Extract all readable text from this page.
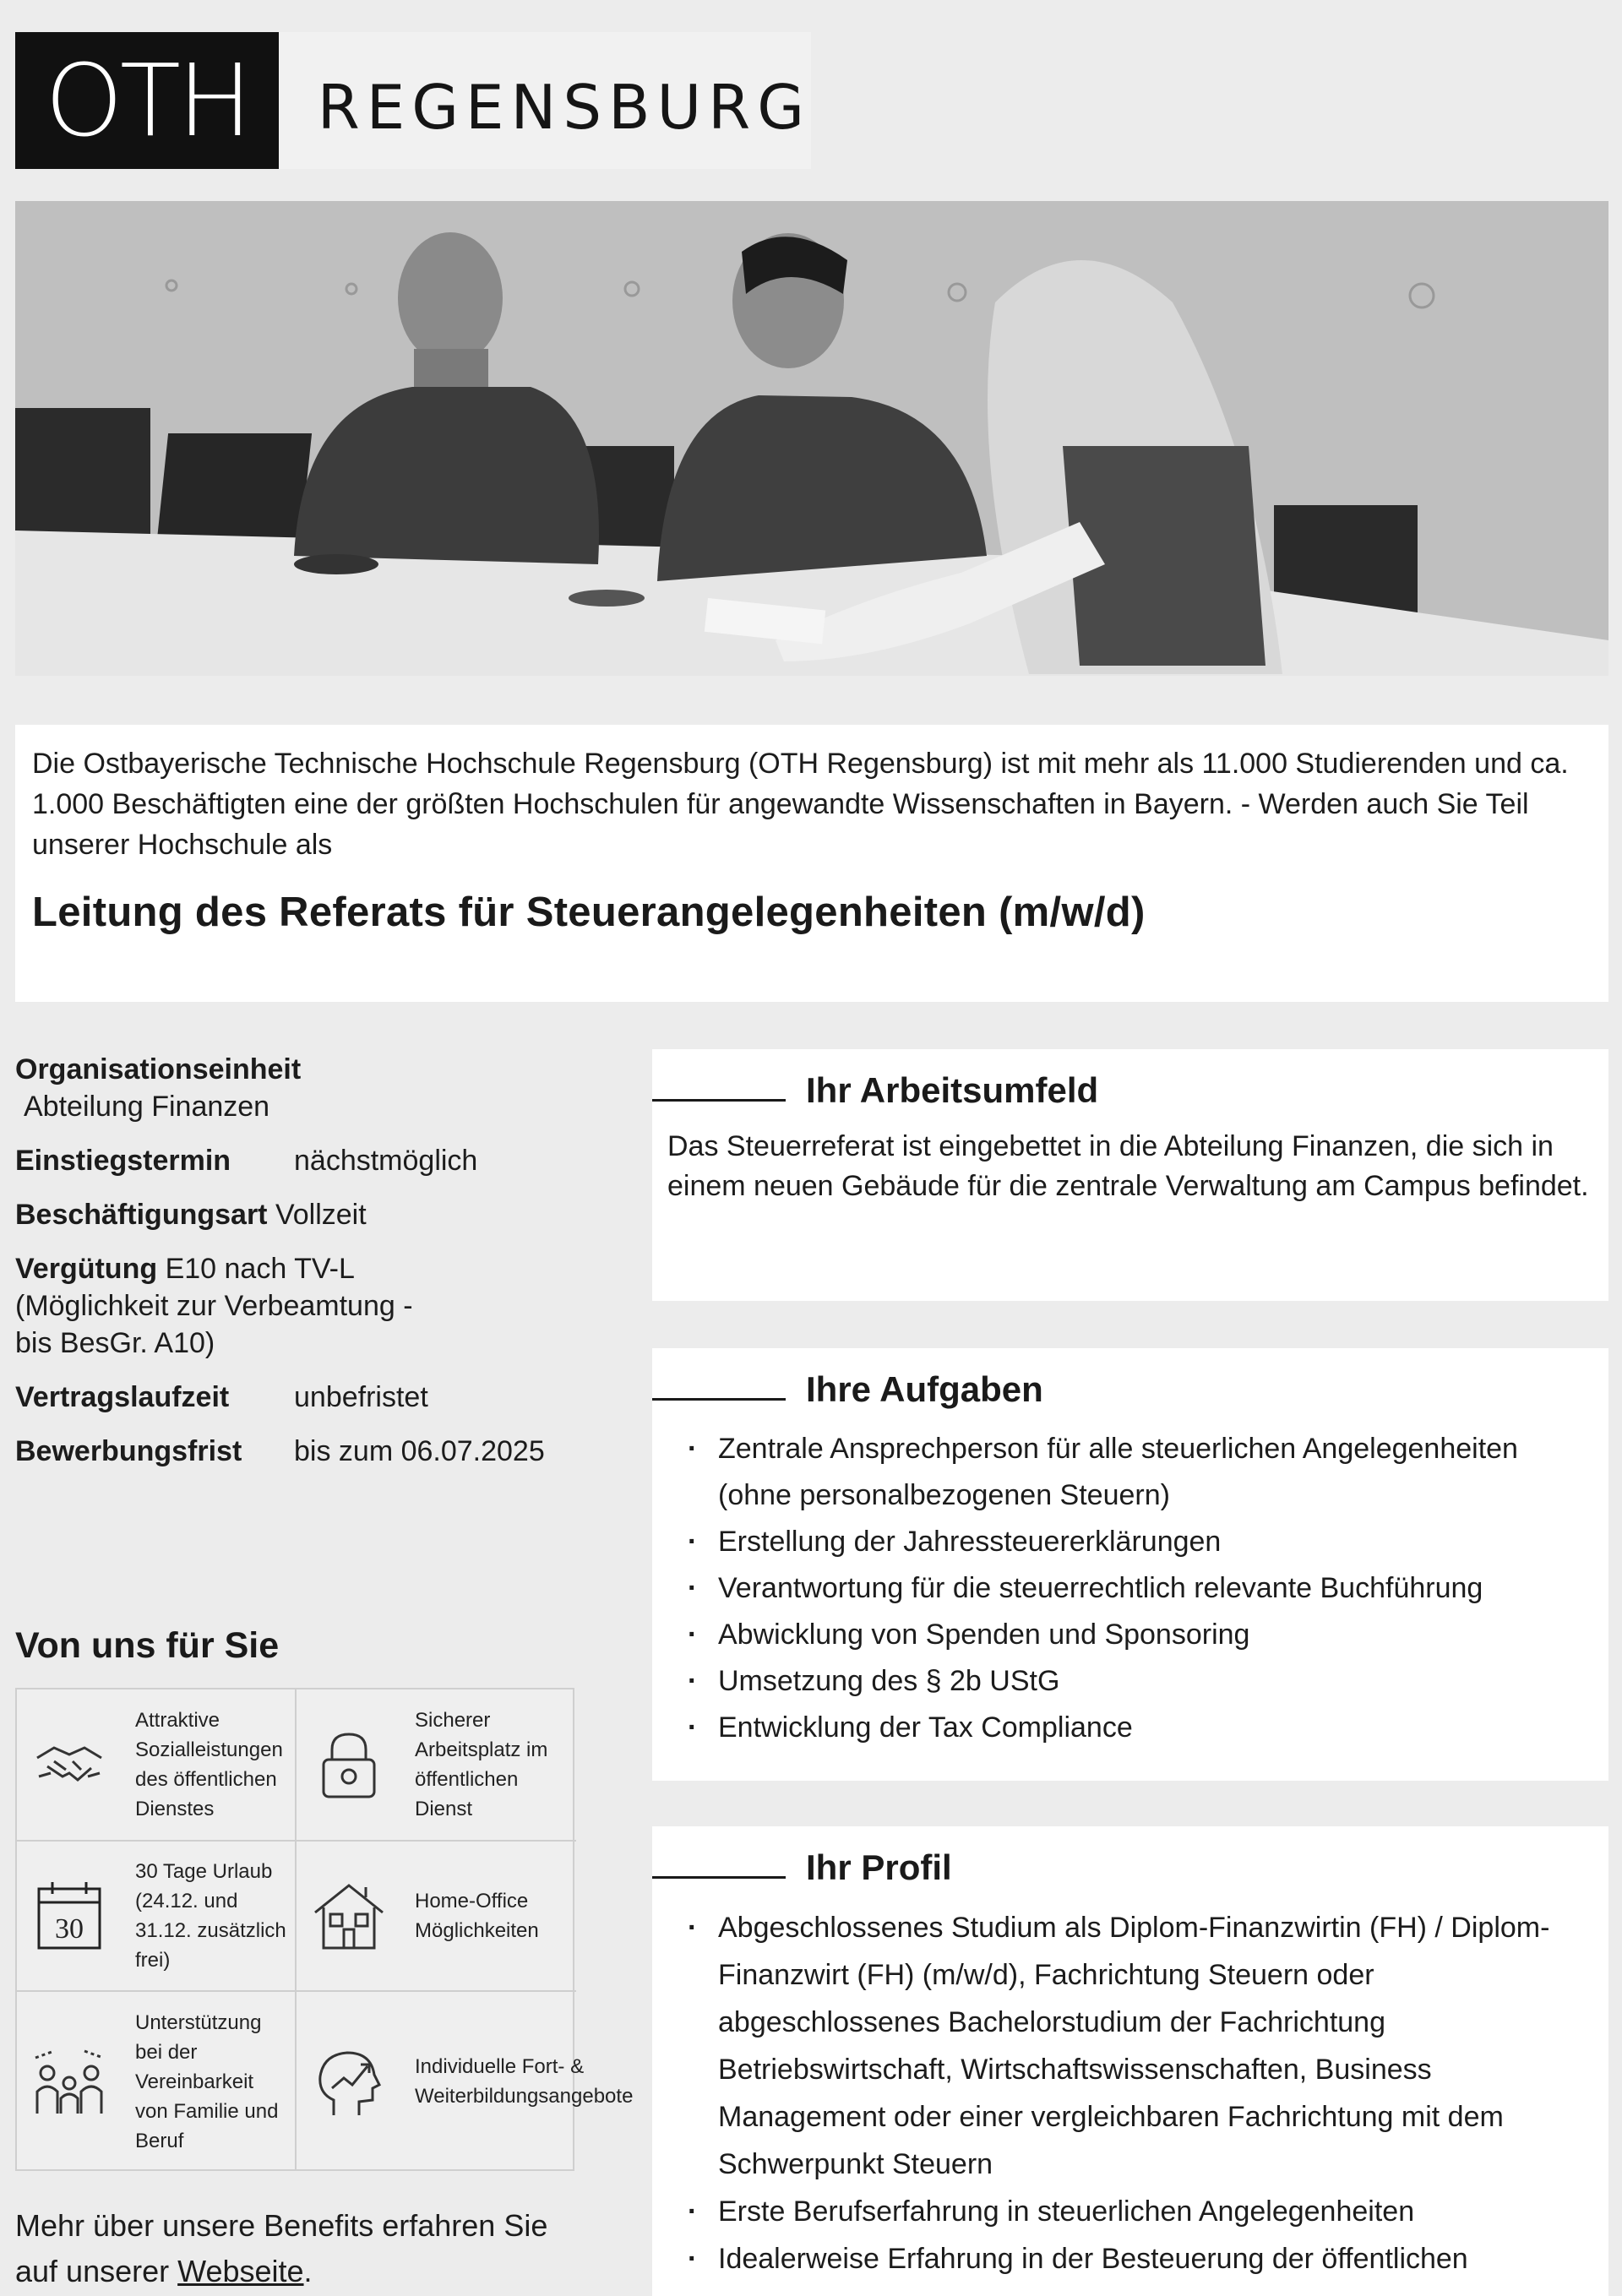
OTH	REGENSBURG

Die Ostbayerische Technische Hochschule Regensburg (OTH Regensburg) ist mit mehr als 11.000 Studierenden und ca. 1.000 Beschäftigten eine der größten Hochschulen für angewandte Wissenschaften in Bayern. - Werden auch Sie Teil unserer Hochschule als

Leitung des Referats für Steuerangelegenheiten (m/w/d)
Organisationseinheit
Abteilung Finanzen
Einstiegstermin nächstmöglich
Beschäftigungsart Vollzeit
Vergütung E10 nach TV-L
(Möglichkeit zur Verbeamtung -
bis BesGr. A10)
Vertragslaufzeit unbefristet
Bewerbungsfrist bis zum 06.07.2025
Von uns für Sie
Attraktive Sozialleistungen des öffentlichen Dienstes
Sicherer Arbeitsplatz im öffentlichen Dienst
30
30 Tage Urlaub (24.12. und 31.12. zusätzlich frei)
Home-Office Möglichkeiten
Unterstützung bei der Vereinbarkeit von Familie und Beruf
Individuelle Fort- & Weiterbildungsangebote
Mehr über unsere Benefits erfahren Sie auf unserer Webseite.
Ihr Arbeitsumfeld

Das Steuerreferat ist eingebettet in die Abteilung Finanzen, die sich in einem neuen Gebäude für die zentrale Verwaltung am Campus befindet.

Ihre Aufgaben
· Zentrale Ansprechperson für alle steuerlichen Angelegenheiten (ohne personalbezogenen Steuern)
· Erstellung der Jahressteuererklärungen
· Verantwortung für die steuerrechtlich relevante Buchführung
· Abwicklung von Spenden und Sponsoring
· Umsetzung des § 2b UStG
· Entwicklung der Tax Compliance
Ihr Profil
· Abgeschlossenes Studium als Diplom-Finanzwirtin (FH) / Diplom-Finanzwirt (FH) (m/w/d), Fachrichtung Steuern oder abgeschlossenes Bachelorstudium der Fachrichtung Betriebswirtschaft, Wirtschaftswissenschaften, Business Management oder einer vergleichbaren Fachrichtung mit dem Schwerpunkt Steuern
· Erste Berufserfahrung in steuerlichen Angelegenheiten
· Idealerweise Erfahrung in der Besteuerung der öffentlichen
